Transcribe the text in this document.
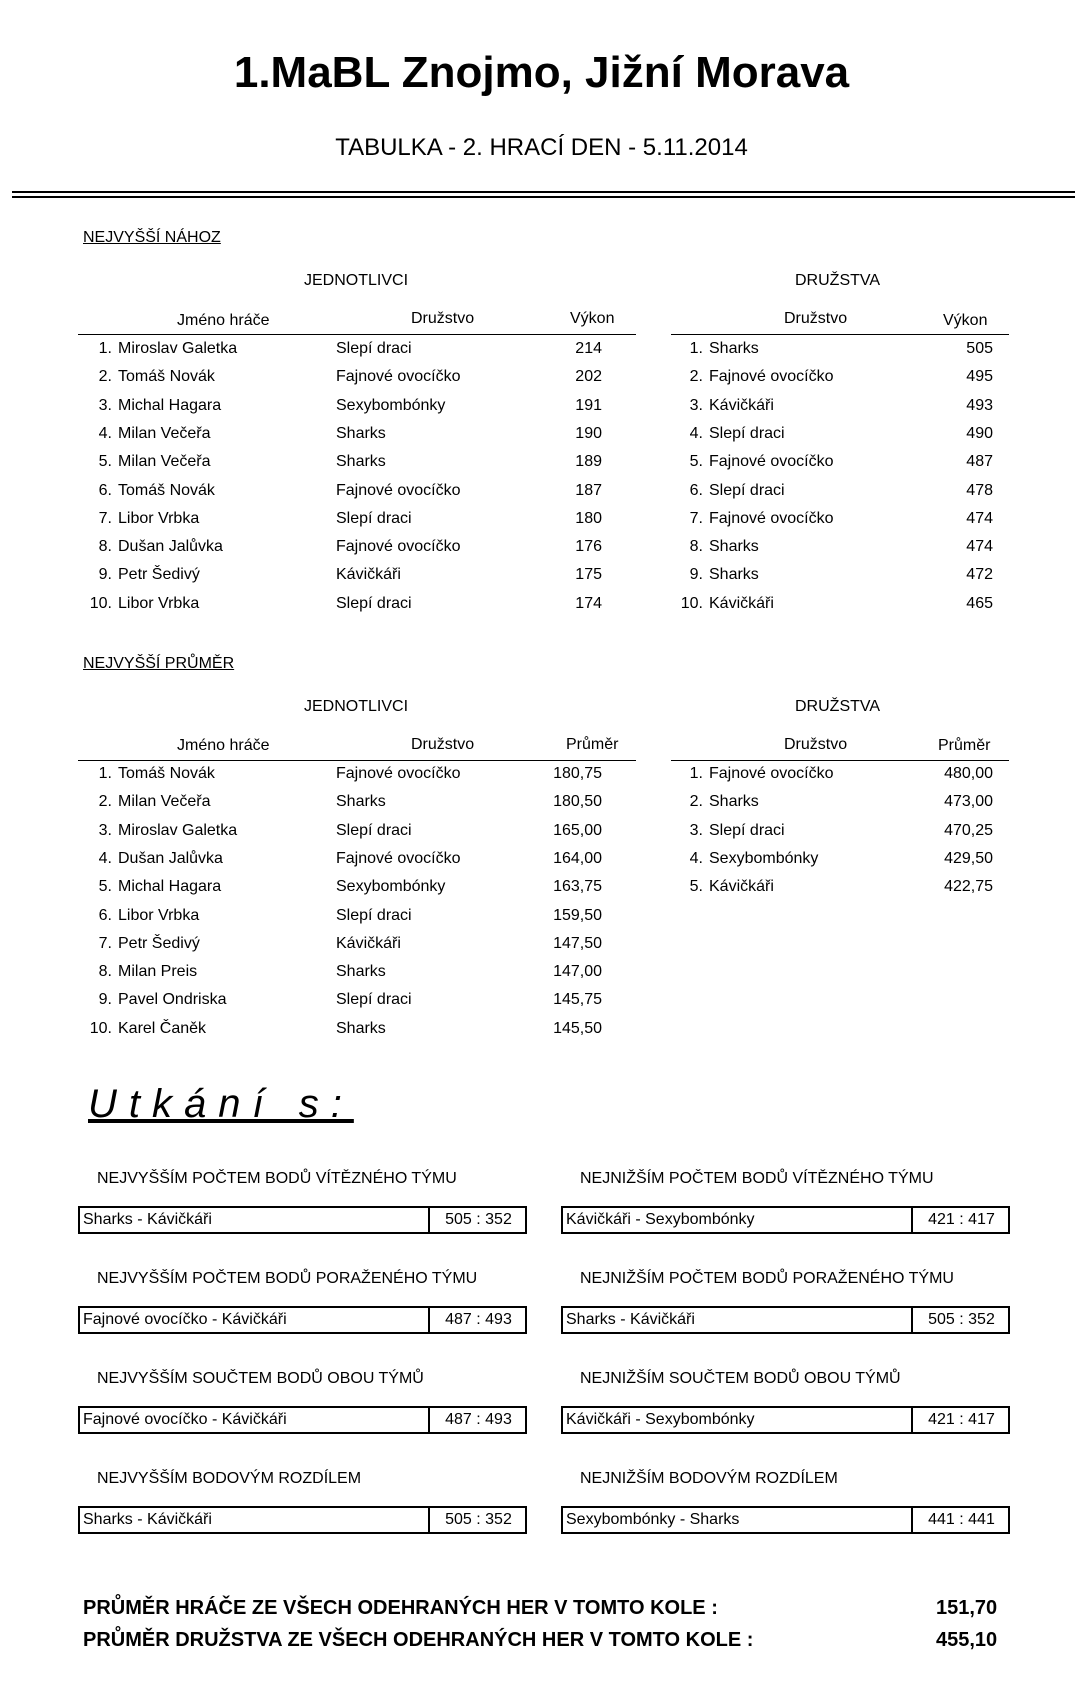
1.MaBL Znojmo, Jižní Morava
TABULKA - 2. HRACÍ DEN - 5.11.2014
NEJVYŠŠÍ NÁHOZ
JEDNOTLIVCI	DRUŽSTVA
Jméno hráče	Družstvo	Výkon	Družstvo	Výkon
1. Miroslav Galetka	Slepí draci	214
2. Tomáš Novák	Fajnové ovocíčko	202
3. Michal Hagara	Sexybombónky	191
4. Milan Večeřa	Sharks	190
5. Milan Večeřa	Sharks	189
6. Tomáš Novák	Fajnové ovocíčko	187
7. Libor Vrbka	Slepí draci	180
8. Dušan Jalůvka	Fajnové ovocíčko	176
9. Petr Šedivý	Kávičkáři	175
10. Libor Vrbka	Slepí draci	174
1. Sharks	505
2. Fajnové ovocíčko	495
3. Kávičkáři	493
4. Slepí draci	490
5. Fajnové ovocíčko	487
6. Slepí draci	478
7. Fajnové ovocíčko	474
8. Sharks	474
9. Sharks	472
10. Kávičkáři	465
NEJVYŠŠÍ PRŮMĚR
JEDNOTLIVCI	DRUŽSTVA
Jméno hráče	Družstvo	Průměr	Družstvo	Průměr
1. Tomáš Novák	Fajnové ovocíčko	180,75
2. Milan Večeřa	Sharks	180,50
3. Miroslav Galetka	Slepí draci	165,00
4. Dušan Jalůvka	Fajnové ovocíčko	164,00
5. Michal Hagara	Sexybombónky	163,75
6. Libor Vrbka	Slepí draci	159,50
7. Petr Šedivý	Kávičkáři	147,50
8. Milan Preis	Sharks	147,00
9. Pavel Ondriska	Slepí draci	145,75
10. Karel Čaněk	Sharks	145,50
1. Fajnové ovocíčko	480,00
2. Sharks	473,00
3. Slepí draci	470,25
4. Sexybombónky	429,50
5. Kávičkáři	422,75
Utkání s:
NEJVYŠŠÍM POČTEM BODŮ VÍTĚZNÉHO TÝMU
Sharks - Kávičkáři	505 : 352
NEJNIŽŠÍM POČTEM BODŮ VÍTĚZNÉHO TÝMU
Kávičkáři - Sexybombónky	421 : 417
NEJVYŠŠÍM POČTEM BODŮ PORAŽENÉHO TÝMU
Fajnové ovocíčko - Kávičkáři	487 : 493
NEJNIŽŠÍM POČTEM BODŮ PORAŽENÉHO TÝMU
Sharks - Kávičkáři	505 : 352
NEJVYŠŠÍM SOUČTEM BODŮ OBOU TÝMŮ
Fajnové ovocíčko - Kávičkáři	487 : 493
NEJNIŽŠÍM SOUČTEM BODŮ OBOU TÝMŮ
Kávičkáři - Sexybombónky	421 : 417
NEJVYŠŠÍM BODOVÝM ROZDÍLEM
Sharks - Kávičkáři	505 : 352
NEJNIŽŠÍM BODOVÝM ROZDÍLEM
Sexybombónky - Sharks	441 : 441
PRŮMĚR HRÁČE ZE VŠECH ODEHRANÝCH HER V TOMTO KOLE :	151,70
PRŮMĚR DRUŽSTVA ZE VŠECH ODEHRANÝCH HER V TOMTO KOLE :	455,10
